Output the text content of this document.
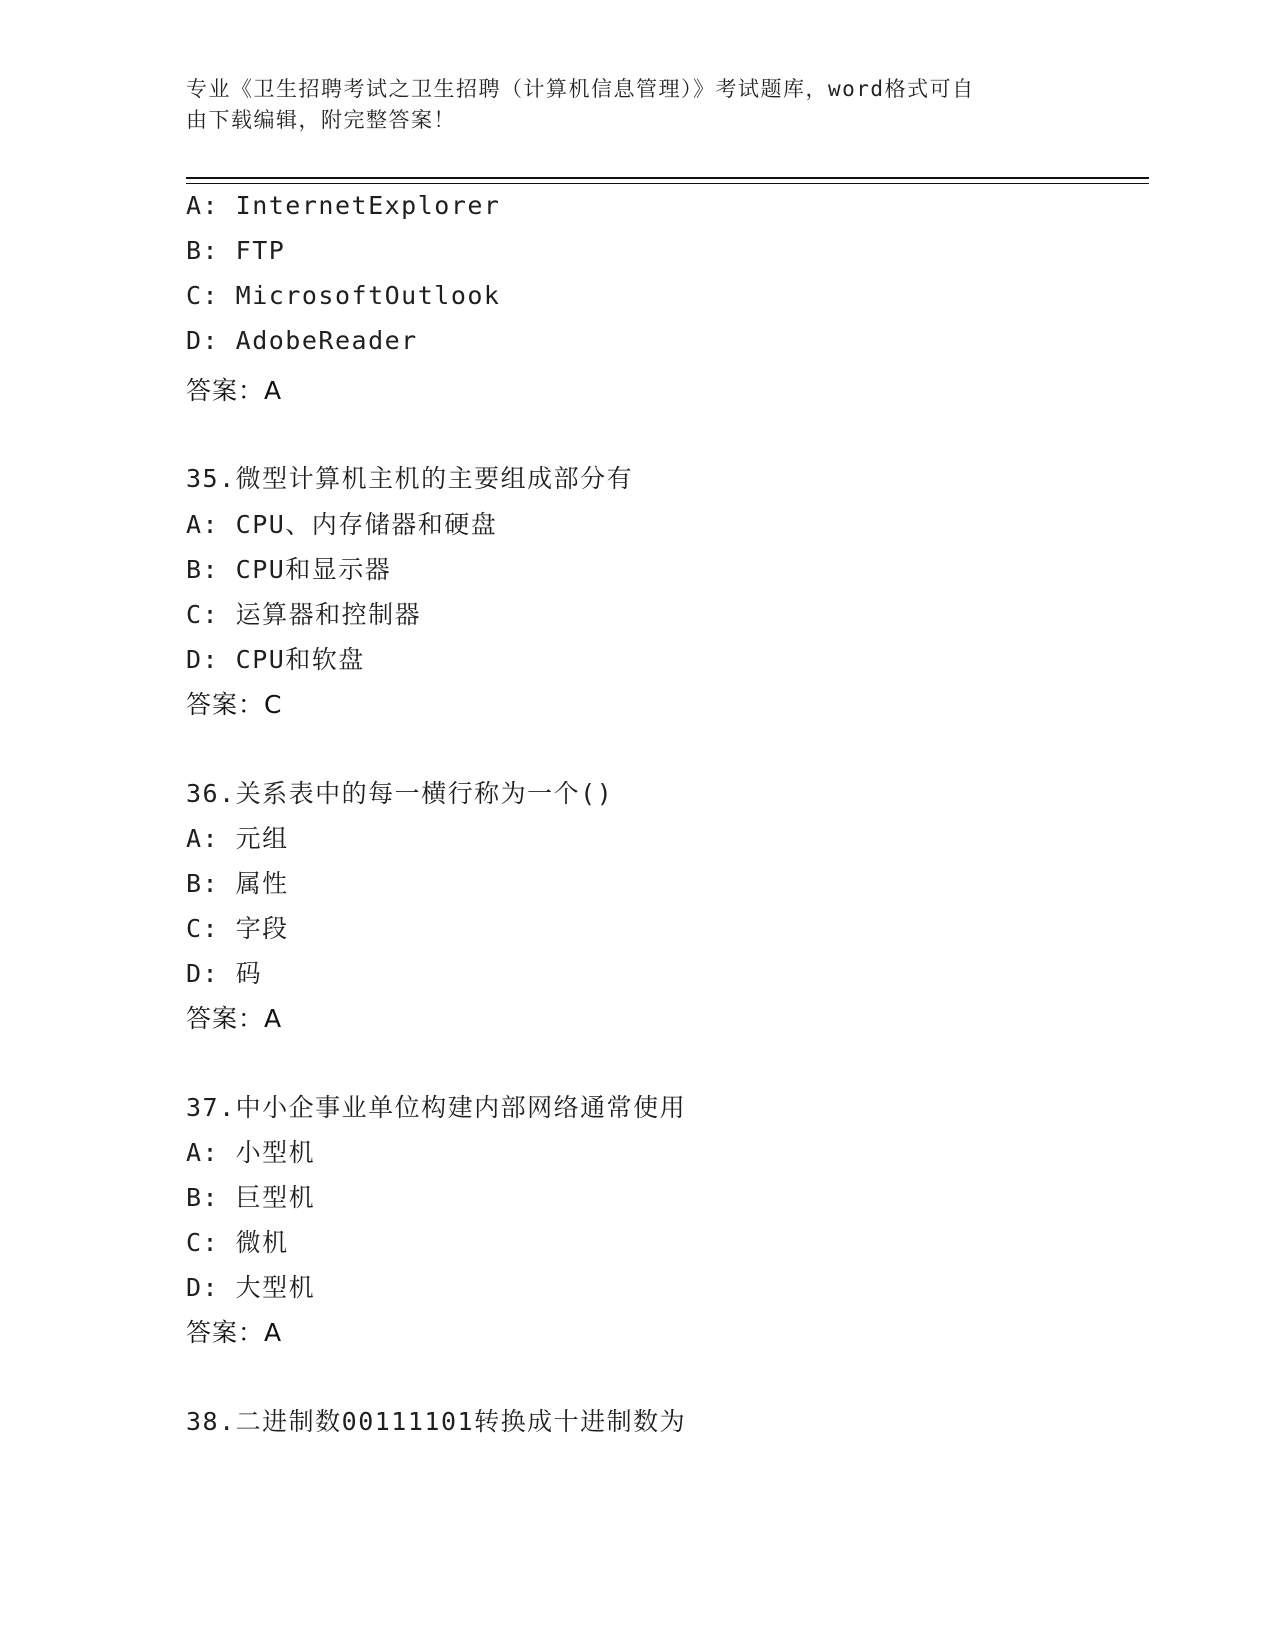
专业《卫生招聘考试之卫生招聘（计算机信息管理）》考试题库，word格式可自
由下载编辑，附完整答案！
A: InternetExplorer
B: FTP
C: MicrosoftOutlook
D: AdobeReader
答案：A
35.微型计算机主机的主要组成部分有
A: CPU、内存储器和硬盘
B: CPU和显示器
C: 运算器和控制器
D: CPU和软盘
答案：C
36.关系表中的每一横行称为一个()
A: 元组
B: 属性
C: 字段
D: 码
答案：A
37.中小企事业单位构建内部网络通常使用
A: 小型机
B: 巨型机
C: 微机
D: 大型机
答案：A
38.二进制数00111101转换成十进制数为
